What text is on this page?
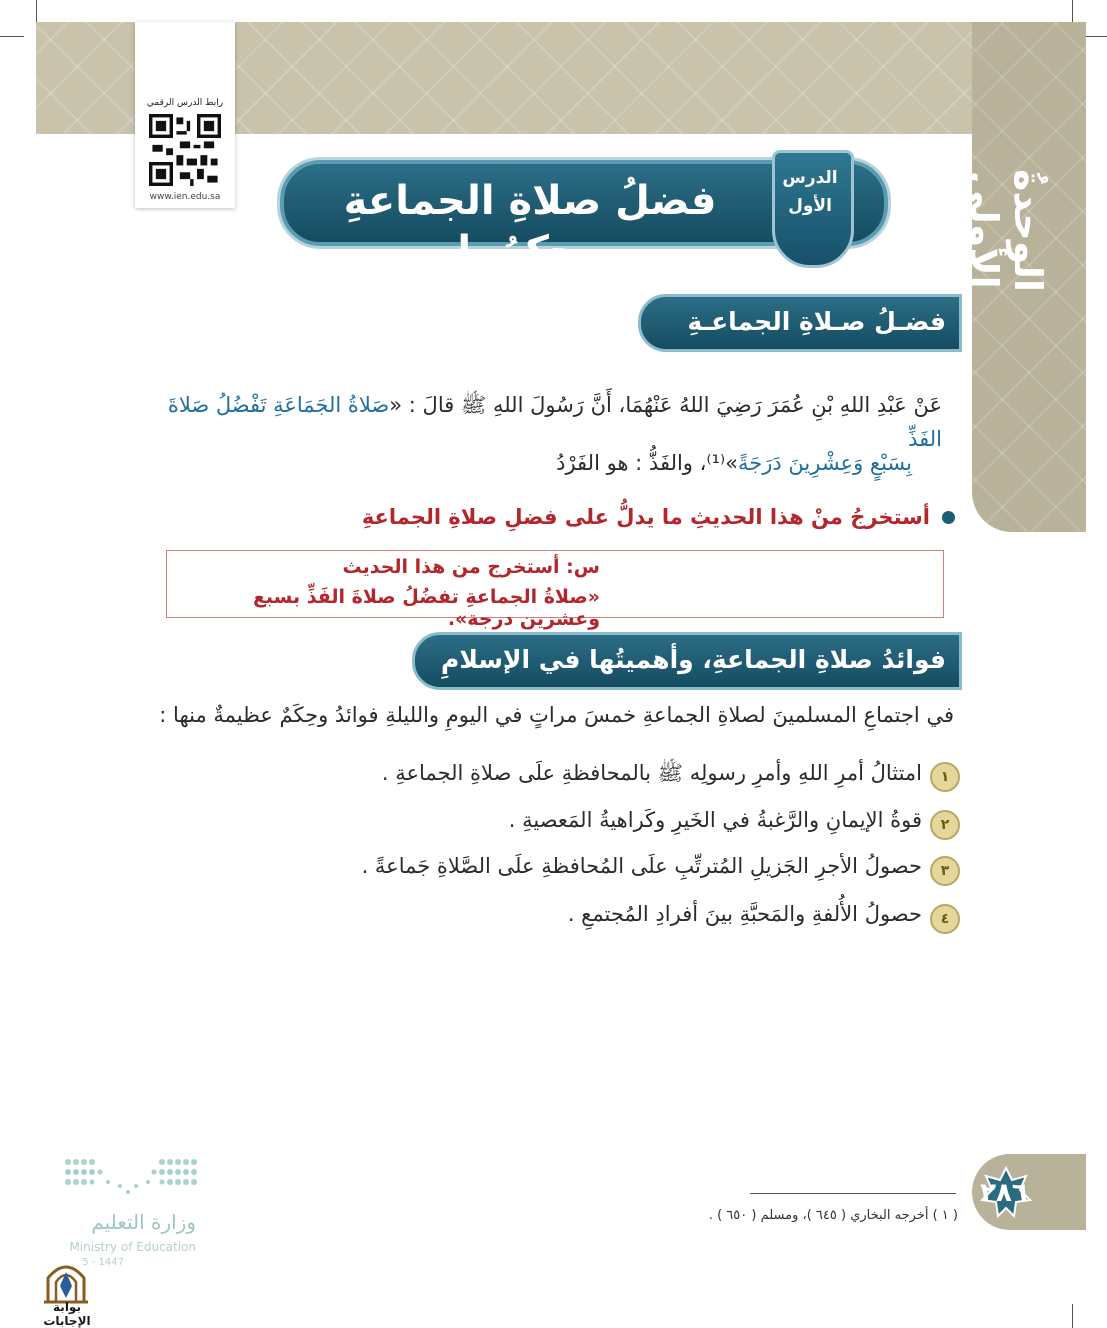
الوحدةُ الأولى
رابط الدرس الرقمي
www.ien.edu.sa	فضلُ صلاةِ الجماعةِ وحكمُها
الدرس
الأول
فضـلُ صـلاةِ الجماعـةِ
عَنْ عَبْدِ اللهِ بْنِ عُمَرَ رَضِيَ اللهُ عَنْهُمَا، أَنَّ رَسُولَ اللهِ ﷺ قالَ : «صَلاةُ الجَمَاعَةِ تَفْضُلُ صَلاةَ الفَذِّ
بِسَبْعٍ وَعِشْرِينَ دَرَجَةً»⁽¹⁾، والفَذُّ : هو الفَرْدُ
أستخرجُ منْ هذا الحديثِ ما يدلُّ على فضلِ صلاةِ الجماعةِ
س: أستخرج من هذا الحديث
«صلاةُ الجماعةِ تفضُلُ صلاةَ الفَذِّ بسبع وعشرين درجة».
فوائدُ صلاةِ الجماعةِ، وأهميتُها في الإسلامِ
في اجتماعِ المسلمينَ لصلاةِ الجماعةِ خمسَ مراتٍ في اليومِ والليلةِ فوائدُ وحِكَمٌ عظيمةٌ منها :
١
امتثالُ أمرِ اللهِ وأمرِ رسولِه ﷺ بالمحافظةِ علَى صلاةِ الجماعةِ .
٢
قوةُ الإيمانِ والرَّغبةُ في الخَيرِ وكَراهيةُ المَعصيةِ .
٣
حصولُ الأجرِ الجَزيلِ المُترتِّبِ علَى المُحافظةِ علَى الصَّلاةِ جَماعةً .
٤
حصولُ الأُلفةِ والمَحبَّةِ بينَ أفرادِ المُجتمعِ .
( ١ ) أخرجه البخاري ( ٦٤٥ )، ومسلم ( ٦٥٠ ) .
٢٨٦
وزارة التعليم
Ministry of Education
5 - 1447
بوابة الإجابات
